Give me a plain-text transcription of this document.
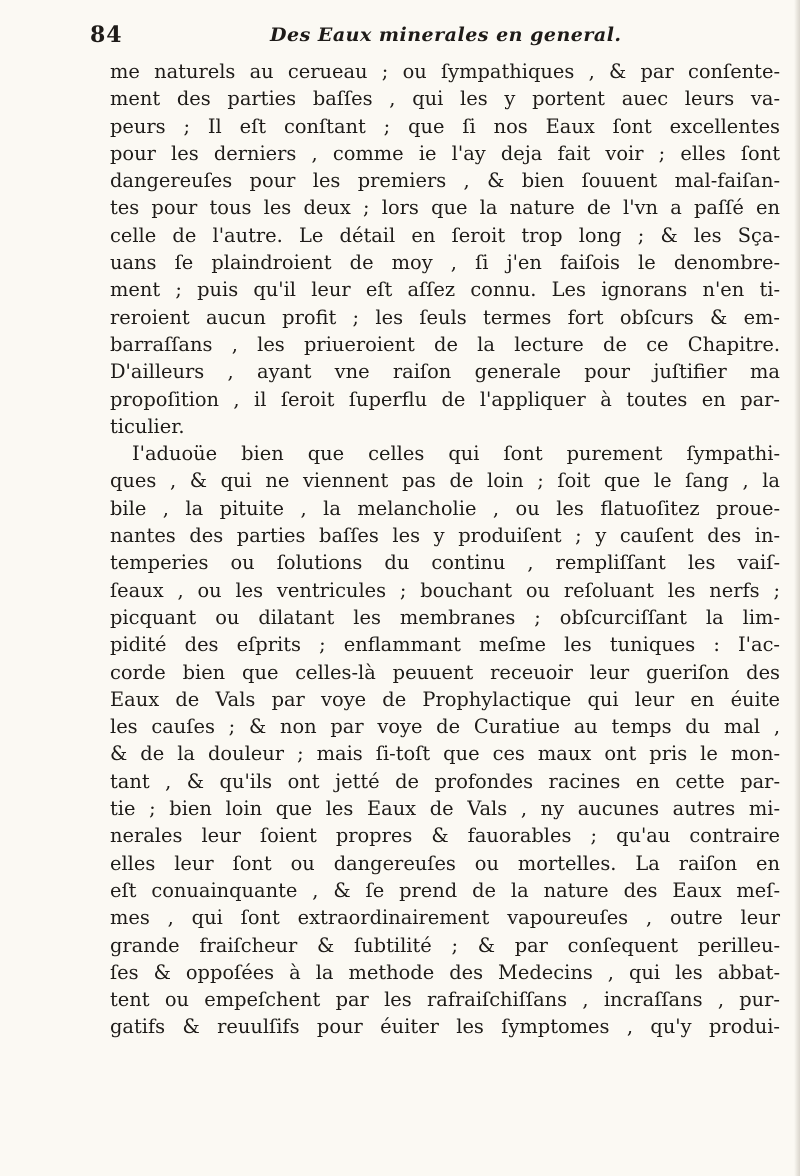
84	Des Eaux minerales en general.
me naturels au cerueau ; ou ſympathiques , & par conſente-
ment des parties baſſes , qui les y portent auec leurs va-
peurs ; Il eſt conſtant ; que ſi nos Eaux ſont excellentes
pour les derniers , comme ie l'ay deja fait voir ; elles ſont
dangereuſes pour les premiers , & bien ſouuent mal-faiſan-
tes pour tous les deux ; lors que la nature de l'vn a paſſé en
celle de l'autre. Le détail en ſeroit trop long ; & les Sça-
uans ſe plaindroient de moy , ſi j'en faiſois le denombre-
ment ; puis qu'il leur eſt aſſez connu. Les ignorans n'en ti-
reroient aucun profit ; les ſeuls termes fort obſcurs & em-
barraſſans , les priueroient de la lecture de ce Chapitre.
D'ailleurs , ayant vne raiſon generale pour juſtifier ma
propoſition , il ſeroit ſuperflu de l'appliquer à toutes en par-
ticulier.
I'aduoüe bien que celles qui ſont purement ſympathi-
ques , & qui ne viennent pas de loin ; ſoit que le ſang , la
bile , la pituite , la melancholie , ou les flatuoſitez proue-
nantes des parties baſſes les y produiſent ; y cauſent des in-
temperies ou ſolutions du continu , rempliſſant les vaiſ-
ſeaux , ou les ventricules ; bouchant ou reſoluant les nerfs ;
picquant ou dilatant les membranes ; obſcurciſſant la lim-
pidité des eſprits ; enflammant meſme les tuniques : I'ac-
corde bien que celles-là peuuent receuoir leur gueriſon des
Eaux de Vals par voye de Prophylactique qui leur en éuite
les cauſes ; & non par voye de Curatiue au temps du mal ,
& de la douleur ; mais ſi-toſt que ces maux ont pris le mon-
tant , & qu'ils ont jetté de profondes racines en cette par-
tie ; bien loin que les Eaux de Vals , ny aucunes autres mi-
nerales leur ſoient propres & fauorables ; qu'au contraire
elles leur ſont ou dangereuſes ou mortelles. La raiſon en
eſt conuainquante , & ſe prend de la nature des Eaux meſ-
mes , qui ſont extraordinairement vapoureuſes , outre leur
grande fraiſcheur & ſubtilité ; & par conſequent perilleu-
ſes & oppoſées à la methode des Medecins , qui les abbat-
tent ou empeſchent par les rafraiſchiſſans , incraſſans , pur-
gatifs & reuulſifs pour éuiter les ſymptomes , qu'y produi-
